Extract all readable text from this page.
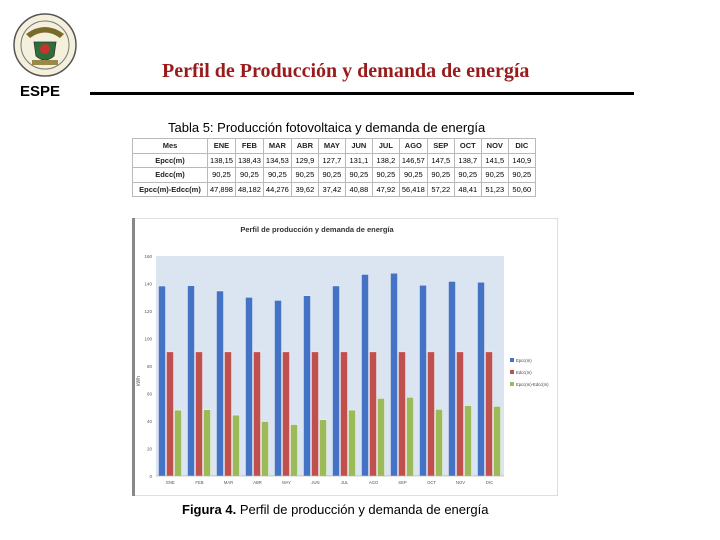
ESPE
Perfil de Producción y demanda de energía
Tabla 5: Producción fotovoltaica y demanda de energía
Mes	ENE	FEB	MAR	ABR	MAY	JUN	JUL	AGO	SEP	OCT	NOV	DIC
Epcc(m)	138,15	138,43	134,53	129,9	127,7	131,1	138,2	146,57	147,5	138,7	141,5	140,9
Edcc(m)	90,25	90,25	90,25	90,25	90,25	90,25	90,25	90,25	90,25	90,25	90,25	90,25
Epcc(m)-Edcc(m)	47,898	48,182	44,276	39,62	37,42	40,88	47,92	56,418	57,22	48,41	51,23	50,60
Perfil de producción y demanda de energía
0
20
40
60
80
100
120
140
160
kWh
ENE	FEB	MAR	ABR	MAY	JUN	JUL	AGO	SEP	OCT	NOV	DIC
Epcc(m)
Edcc(m)
Epcc(m)-Edcc(m)
Figura 4. Perfil de producción y demanda de energía
